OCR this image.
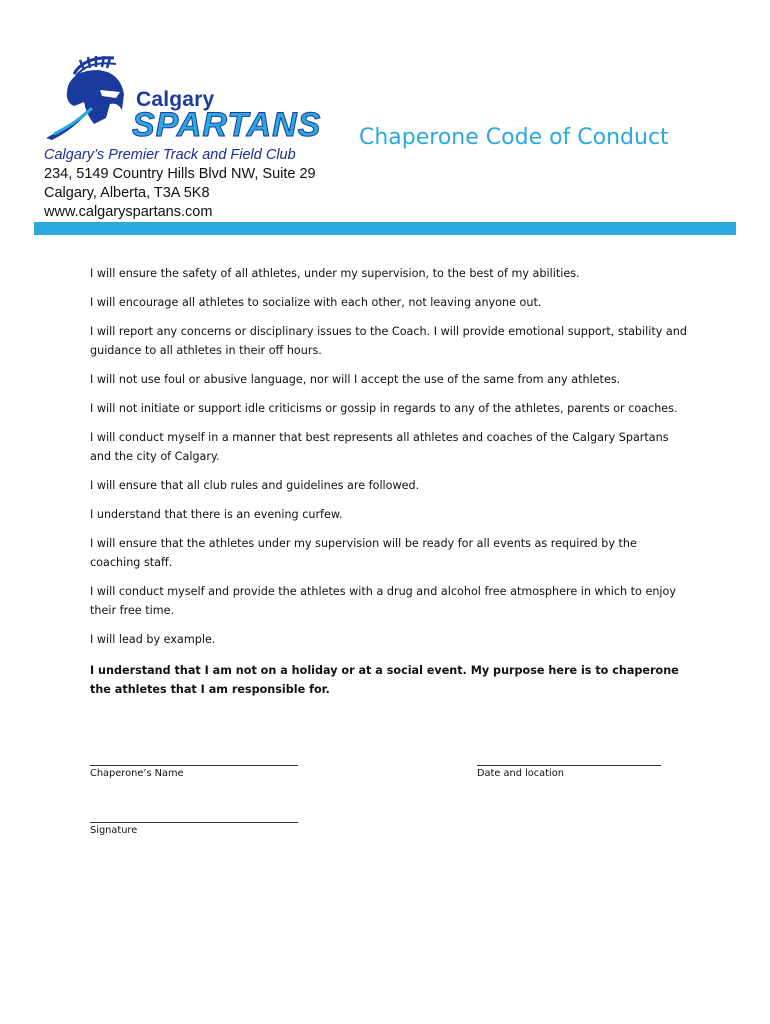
Calgary
SPARTANS
Calgary’s Premier Track and Field Club
234, 5149 Country Hills Blvd NW, Suite 29
Calgary, Alberta, T3A 5K8
www.calgaryspartans.com
Chaperone Code of Conduct

I will ensure the safety of all athletes, under my supervision, to the best of my abilities.

I will encourage all athletes to socialize with each other, not leaving anyone out.

I will report any concerns or disciplinary issues to the Coach. I will provide emotional support, stability and guidance to all athletes in their off hours.

I will not use foul or abusive language, nor will I accept the use of the same from any athletes.

I will not initiate or support idle criticisms or gossip in regards to any of the athletes, parents or coaches.

I will conduct myself in a manner that best represents all athletes and coaches of the Calgary Spartans and the city of Calgary.

I will ensure that all club rules and guidelines are followed.

I understand that there is an evening curfew.

I will ensure that the athletes under my supervision will be ready for all events as required by the coaching staff.

I will conduct myself and provide the athletes with a drug and alcohol free atmosphere in which to enjoy their free time.

I will lead by example.

I understand that I am not on a holiday or at a social event. My purpose here is to chaperone the athletes that I am responsible for.

Chaperone’s Name	Date and location
Signature
